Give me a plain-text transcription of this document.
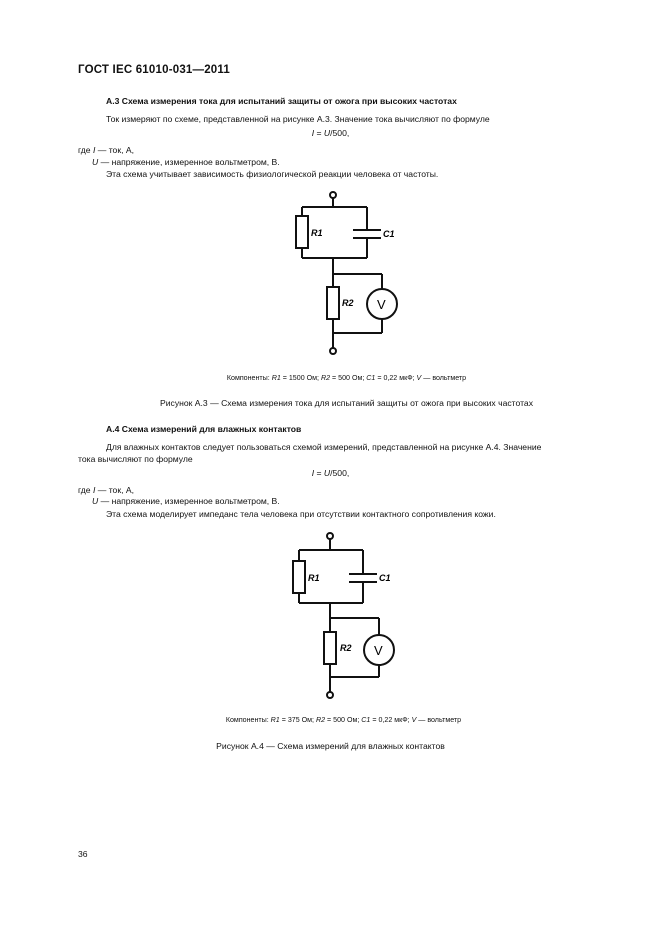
ГОСТ IEC 61010-031—2011
А.3 Схема измерения тока для испытаний защиты от ожога при высоких частотах
Ток измеряют по схеме, представленной на рисунке А.3. Значение тока вычисляют по формуле
I = U/500,
где I — ток, А,
U — напряжение, измеренное вольтметром, В.
Эта схема учитывает зависимость физиологической реакции человека от частоты.
R1	C1
R2 V
Компоненты: R1 = 1500 Ом; R2 = 500 Ом; C1 = 0,22 мкФ; V — вольтметр
Рисунок А.3 — Схема измерения тока для испытаний защиты от ожога при высоких частотах
А.4 Схема измерений для влажных контактов
Для влажных контактов следует пользоваться схемой измерений, представленной на рисунке А.4. Значение
тока вычисляют по формуле
I = U/500,
где I — ток, А,
U — напряжение, измеренное вольтметром, В.
Эта схема моделирует импеданс тела человека при отсутствии контактного сопротивления кожи.
R1	C1
R2 V
Компоненты: R1 = 375 Ом; R2 = 500 Ом; C1 = 0,22 мкФ; V — вольтметр
Рисунок А.4 — Схема измерений для влажных контактов
36
